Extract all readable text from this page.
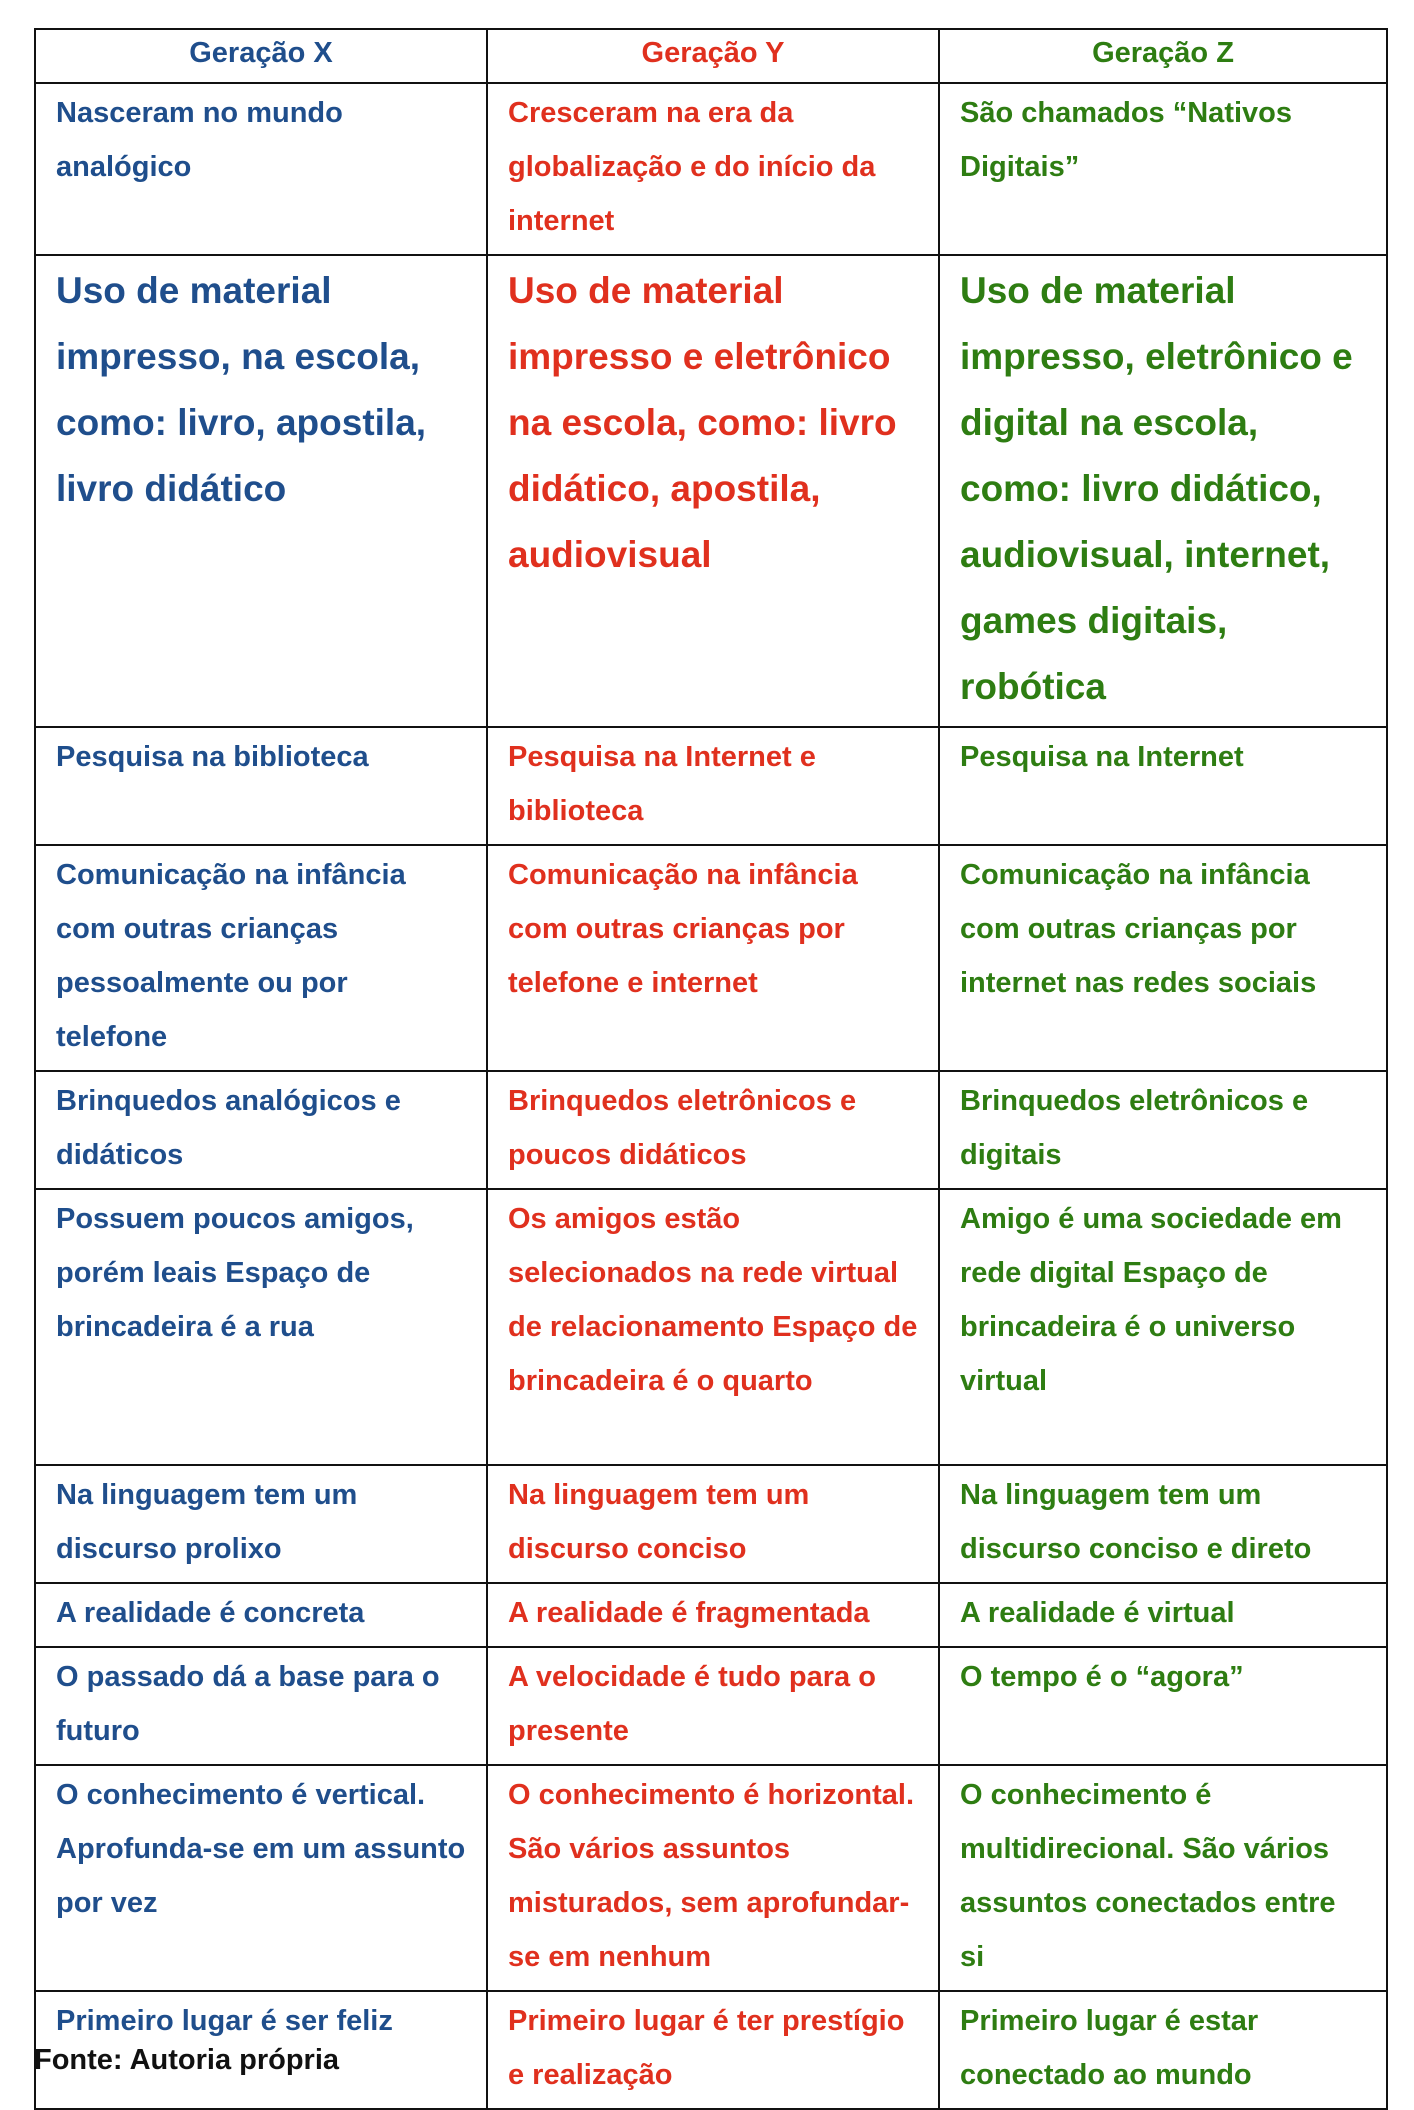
Geração X	Geração Y	Geração Z
Nasceram no mundo analógico	Cresceram na era da globalização e do início da internet	São chamados “Nativos Digitais”
Uso de material impresso, na escola, como: livro, apostila, livro didático	Uso de material impresso e eletrônico na escola, como: livro didático, apostila, audiovisual	Uso de material impresso, eletrônico e digital na escola, como: livro didático, audiovisual, internet, games digitais, robótica
Pesquisa na biblioteca	Pesquisa na Internet e biblioteca	Pesquisa na Internet
Comunicação na infância com outras crianças pessoalmente ou por telefone	Comunicação na infância com outras crianças por telefone e internet	Comunicação na infância com outras crianças por internet nas redes sociais
Brinquedos analógicos e didáticos	Brinquedos eletrônicos e poucos didáticos	Brinquedos eletrônicos e digitais
Possuem poucos amigos, porém leais Espaço de brincadeira é a rua	Os amigos estão selecionados na rede virtual de relacionamento Espaço de brincadeira é o quarto	Amigo é uma sociedade em rede digital Espaço de brincadeira é o universo virtual
Na linguagem tem um discurso prolixo	Na linguagem tem um discurso conciso	Na linguagem tem um discurso conciso e direto
A realidade é concreta	A realidade é fragmentada	A realidade é virtual
O passado dá a base para o futuro	A velocidade é tudo para o presente	O tempo é o “agora”
O conhecimento é vertical. Aprofunda-se em um assunto por vez	O conhecimento é horizontal. São vários assuntos misturados, sem aprofundar-se em nenhum	O conhecimento é multidirecional. São vários assuntos conectados entre si
Primeiro lugar é ser feliz	Primeiro lugar é ter prestígio e realização	Primeiro lugar é estar conectado ao mundo
Fonte: Autoria própria
